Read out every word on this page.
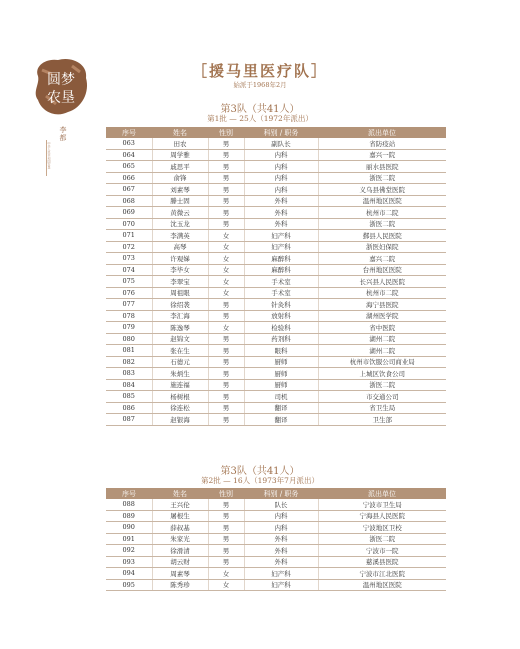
圆梦
农垦
李都
中华人民共和国农垦
［援马里医疗队］
始派于1968年2月
第3队（共41人）
第1批 — 25人（1972年派出）
序号	姓名	性别	科别 / 职务	派出单位
063	田农	男	副队长	省防疫站
064	周学雅	男	内科	嘉兴一院
065	戚思平	男	内科	丽水县医院
066	俞锋	男	内科	浙医二院
067	刘素琴	男	内科	义乌县佛堂医院
068	滕士固	男	外科	温州地区医院
069	黄微云	男	外科	杭州市二院
070	沈玉龙	男	外科	浙医二院
071	李满英	女	妇产科	鄞县人民医院
072	高琴	女	妇产科	浙医妇保院
073	许观娣	女	麻醉科	嘉兴二院
074	李毕女	女	麻醉科	台州地区医院
075	李翠宝	女	手术室	长兴县人民医院
076	周祖眼	女	手术室	杭州市二院
077	徐绍袭	男	针灸科	海宁县医院
078	李汇海	男	放射科	湖州医学院
079	陈逸琴	女	检验科	省中医院
080	赵锦文	男	药剂科	湖州二院
081	张在生	男	眼科	湖州二院
082	石德元	男	厨师	杭州市饮服公司商业局
083	朱炳生	男	厨师	上城区饮食公司
084	施连福	男	厨师	浙医二院
085	杨树根	男	司机	市交通公司
086	徐连松	男	翻译	省卫生局
087	赵银海	男	翻译	卫生部
第3队（共41人）
第2批 — 16人（1973年7月派出）
序号	姓名	性别	科别 / 职务	派出单位
088	王兴伦	男	队长	宁波市卫生局
089	屠根生	男	内科	宁海县人民医院
090	薛叔基	男	内科	宁波地区卫校
091	朱家光	男	外科	浙医二院
092	徐滑清	男	外科	宁波市一院
093	胡云财	男	外科	慈溪县医院
094	周素琴	女	妇产科	宁波市江北医院
095	陈秀珍	女	妇产科	温州地区医院
